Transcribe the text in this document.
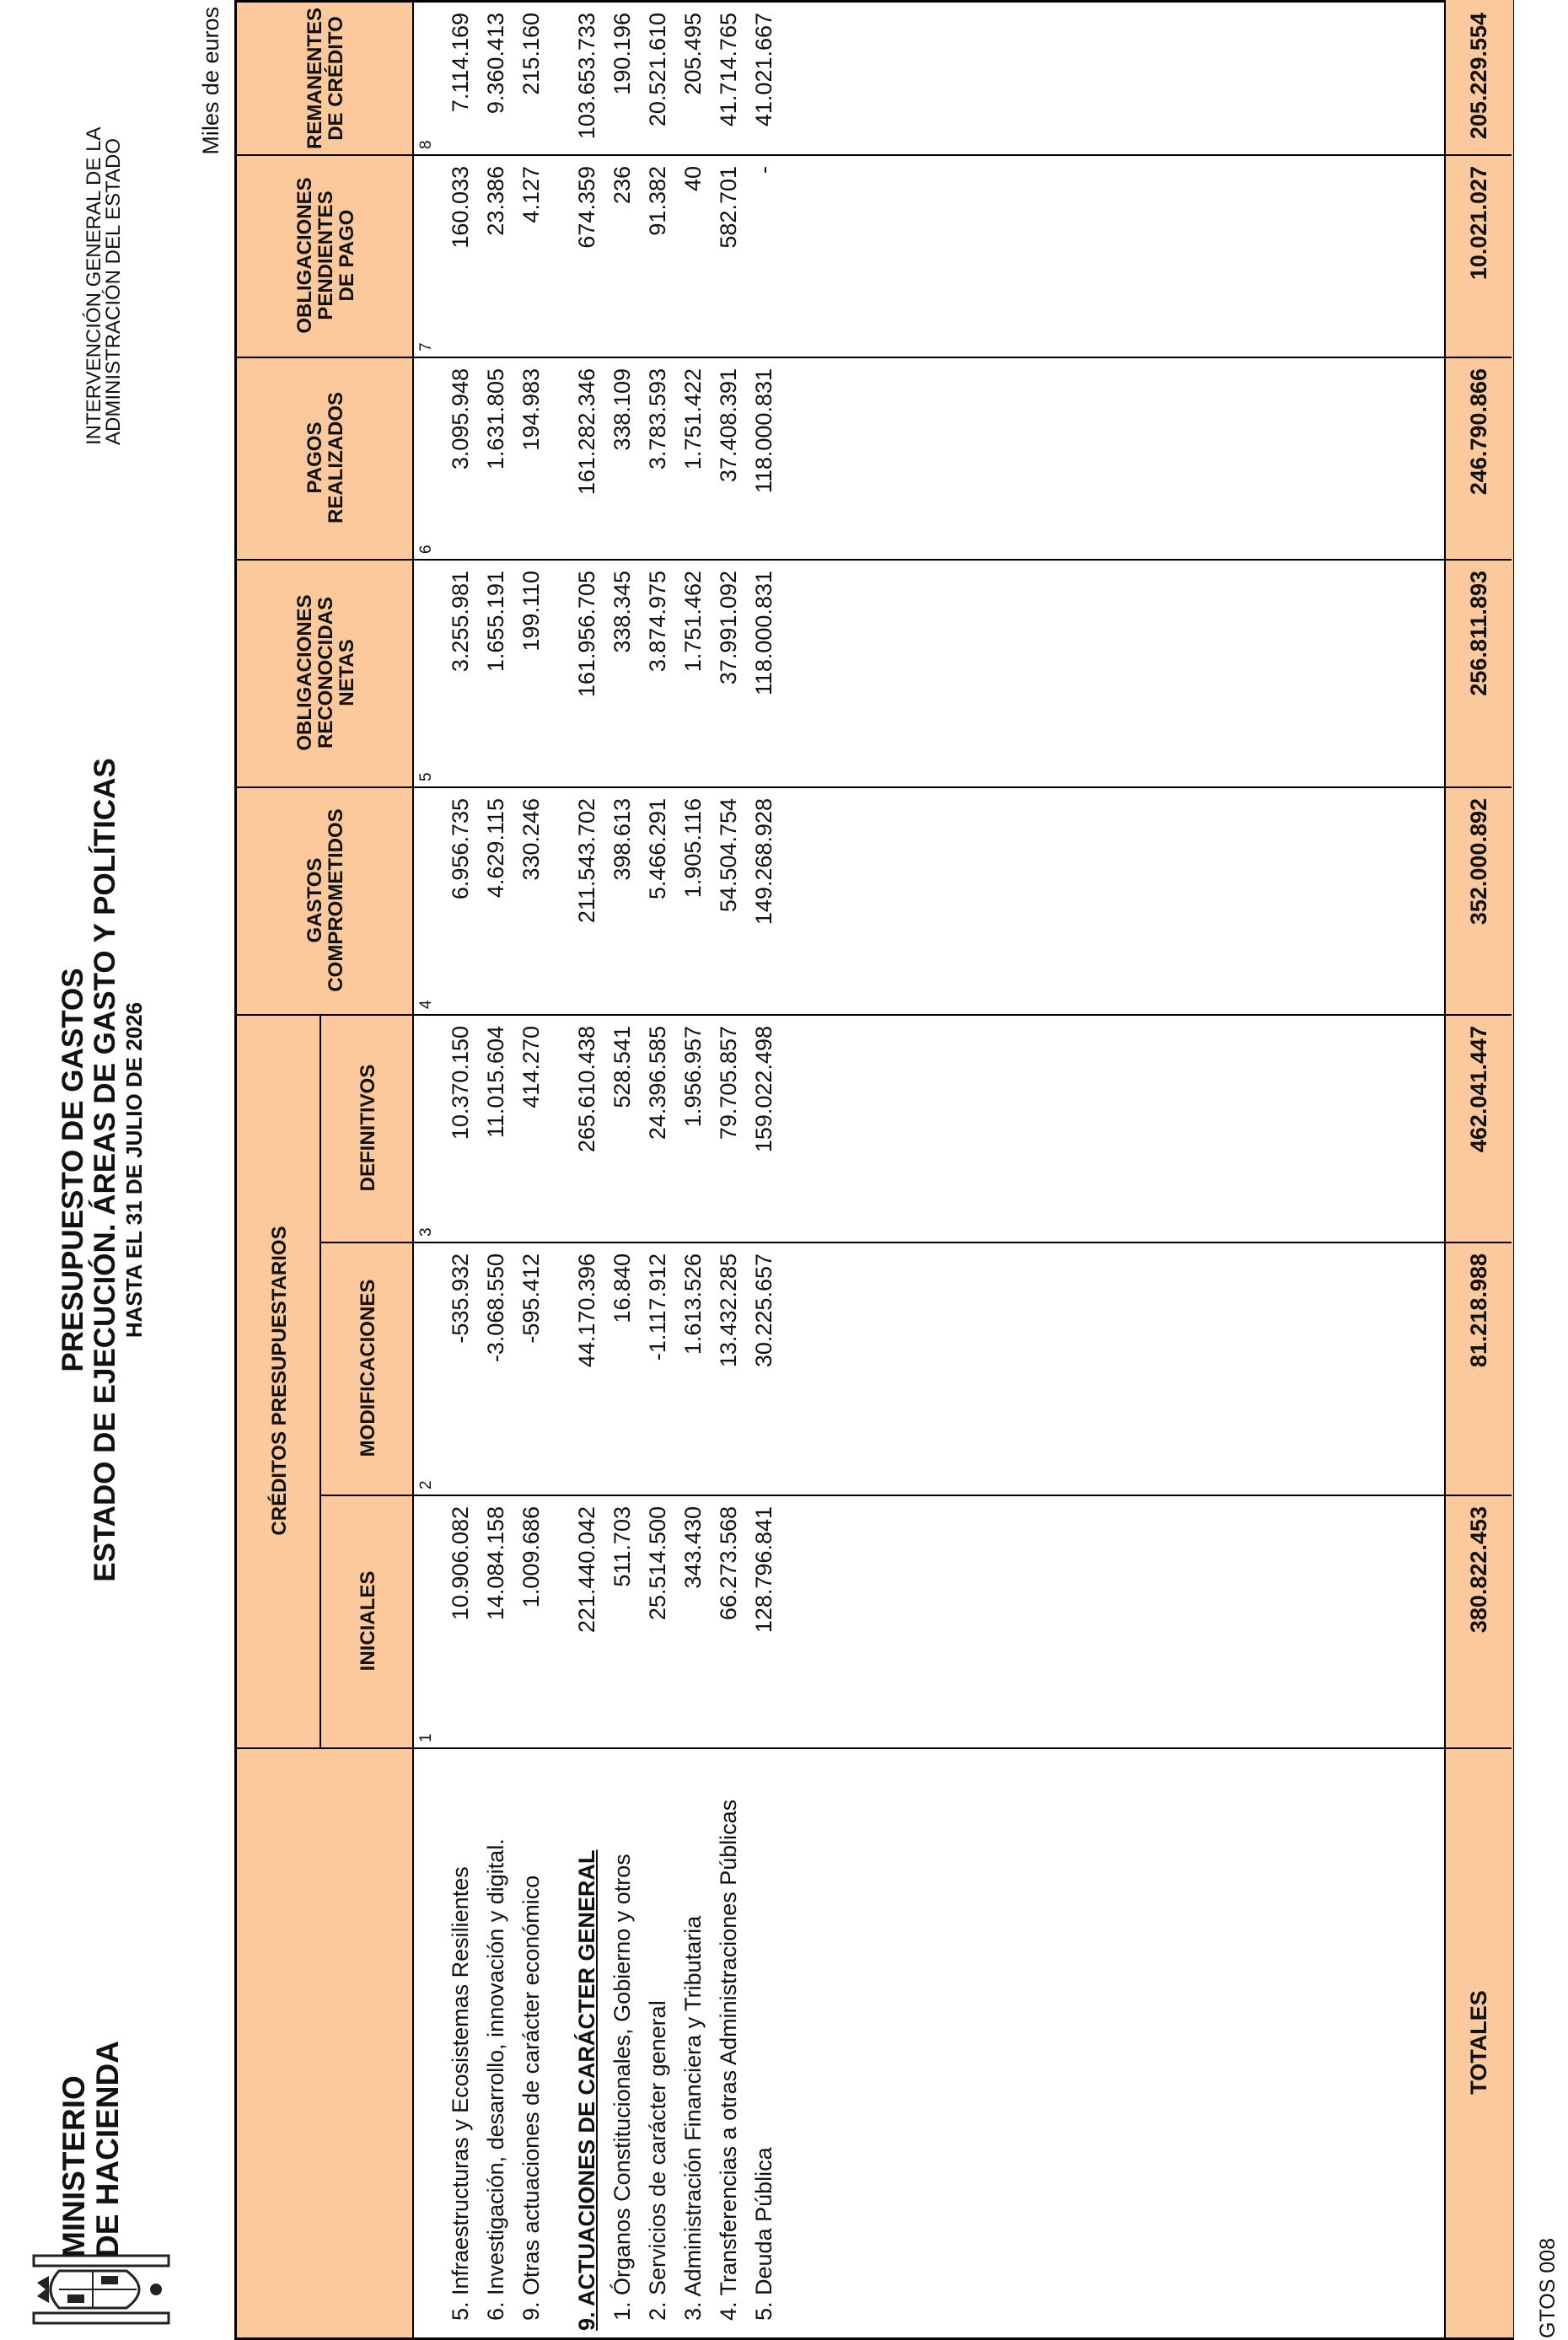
MINISTERIO DE HACIENDA
PRESUPUESTO DE GASTOS ESTADO DE EJECUCIÓN. ÁREAS DE GASTO Y POLÍTICAS HASTA EL 31 DE JULIO DE 2026
INTERVENCIÓN GENERAL DE LA
ADMINISTRACIÓN DEL ESTADO
Miles de euros
CRÉDITOS PRESUPUESTARIOS
INICIALES
MODIFICACIONES
DEFINITIVOS
GASTOS
COMPROMETIDOS
OBLIGACIONES
RECONOCIDAS
NETAS
PAGOS
REALIZADOS
OBLIGACIONES
PENDIENTES
DE PAGO
REMANENTES
DE CRÉDITO
1
2
3
4
5
6
7
8
5. Infraestructuras y Ecosistemas Resilientes
10.906.082
-535.932
10.370.150
6.956.735
3.255.981
3.095.948
160.033
7.114.169
6. Investigación, desarrollo, innovación y digital.
14.084.158
-3.068.550
11.015.604
4.629.115
1.655.191
1.631.805
23.386
9.360.413
9. Otras actuaciones de carácter económico
1.009.686
-595.412
414.270
330.246
199.110
194.983
4.127
215.160
9. ACTUACIONES DE CARÁCTER GENERAL
221.440.042
44.170.396
265.610.438
211.543.702
161.956.705
161.282.346
674.359
103.653.733
1. Órganos Constitucionales, Gobierno y otros
511.703
16.840
528.541
398.613
338.345
338.109
236
190.196
2. Servicios de carácter general
25.514.500
-1.117.912
24.396.585
5.466.291
3.874.975
3.783.593
91.382
20.521.610
3. Administración Financiera y Tributaria
343.430
1.613.526
1.956.957
1.905.116
1.751.462
1.751.422
40
205.495
4. Transferencias a otras Administraciones Públicas
66.273.568
13.432.285
79.705.857
54.504.754
37.991.092
37.408.391
582.701
41.714.765
5. Deuda Pública
128.796.841
30.225.657
159.022.498
149.268.928
118.000.831
118.000.831
-
41.021.667
TOTALES
380.822.453
81.218.988
462.041.447
352.000.892
256.811.893
246.790.866
10.021.027
205.229.554
GTOS 008
